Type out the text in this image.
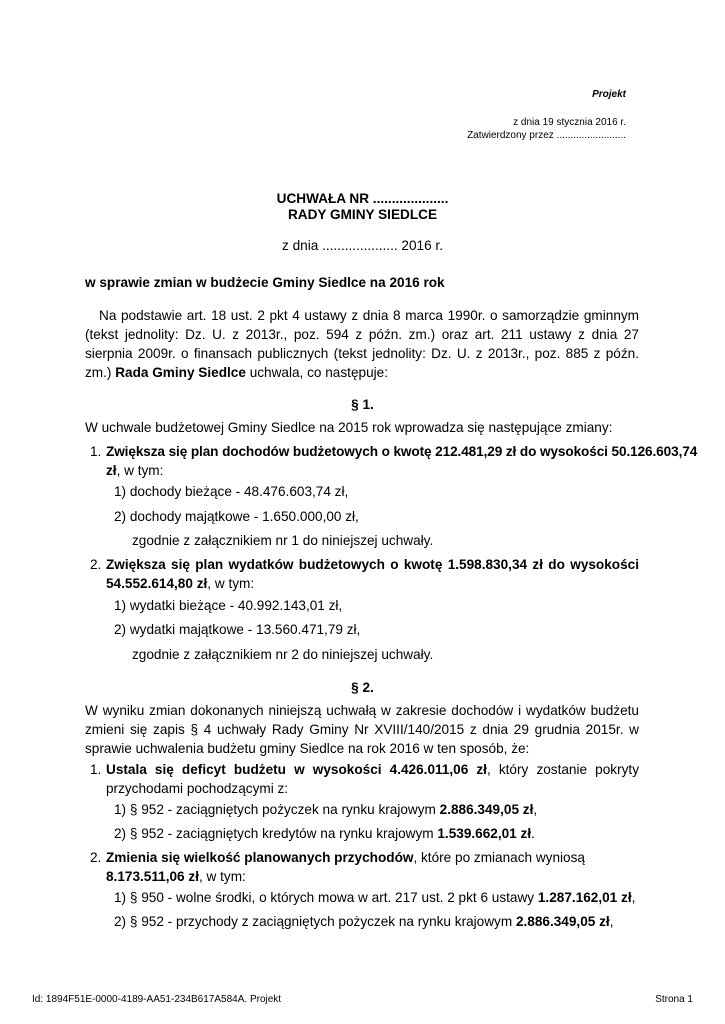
Projekt
z dnia 19 stycznia 2016 r.
Zatwierdzony przez .........................
UCHWAŁA NR ....................
RADY GMINY SIEDLCE
z dnia .................... 2016 r.
w sprawie zmian w budżecie Gminy Siedlce na 2016 rok
Na podstawie art. 18 ust. 2 pkt 4 ustawy z dnia 8 marca 1990r. o samorządzie gminnym (tekst jednolity: Dz. U. z 2013r., poz. 594 z późn. zm.) oraz art. 211 ustawy z dnia 27 sierpnia 2009r. o finansach publicznych (tekst jednolity: Dz. U. z 2013r., poz. 885 z późn. zm.) Rada Gminy Siedlce uchwala, co następuje:
§ 1.
W uchwale budżetowej Gminy Siedlce na 2015 rok wprowadza się następujące zmiany:
1. Zwiększa się plan dochodów budżetowych o kwotę 212.481,29 zł do wysokości 50.126.603,74
zł, w tym:
1) dochody bieżące - 48.476.603,74 zł,
2) dochody majątkowe - 1.650.000,00 zł,
zgodnie z załącznikiem nr 1 do niniejszej uchwały.
2. Zwiększa się plan wydatków budżetowych o kwotę 1.598.830,34 zł do wysokości
54.552.614,80 zł, w tym:
1) wydatki bieżące - 40.992.143,01 zł,
2) wydatki majątkowe - 13.560.471,79 zł,
zgodnie z załącznikiem nr 2 do niniejszej uchwały.
§ 2.
W wyniku zmian dokonanych niniejszą uchwałą w zakresie dochodów i wydatków budżetu zmieni się zapis § 4 uchwały Rady Gminy Nr XVIII/140/2015 z dnia 29 grudnia 2015r. w sprawie uchwalenia budżetu gminy Siedlce na rok 2016 w ten sposób, że:
1. Ustala się deficyt budżetu w wysokości 4.426.011,06 zł, który zostanie pokryty przychodami pochodzącymi z:
1) § 952 - zaciągniętych pożyczek na rynku krajowym 2.886.349,05 zł,
2) § 952 - zaciągniętych kredytów na rynku krajowym 1.539.662,01 zł.
2. Zmienia się wielkość planowanych przychodów, które po zmianach wyniosą 8.173.511,06 zł, w tym:
1) § 950 - wolne środki, o których mowa w art. 217 ust. 2 pkt 6 ustawy 1.287.162,01 zł,
2) § 952 - przychody z zaciągniętych pożyczek na rynku krajowym 2.886.349,05 zł,
Id: 1894F51E-0000-4189-AA51-234B617A584A. Projekt	Strona 1
